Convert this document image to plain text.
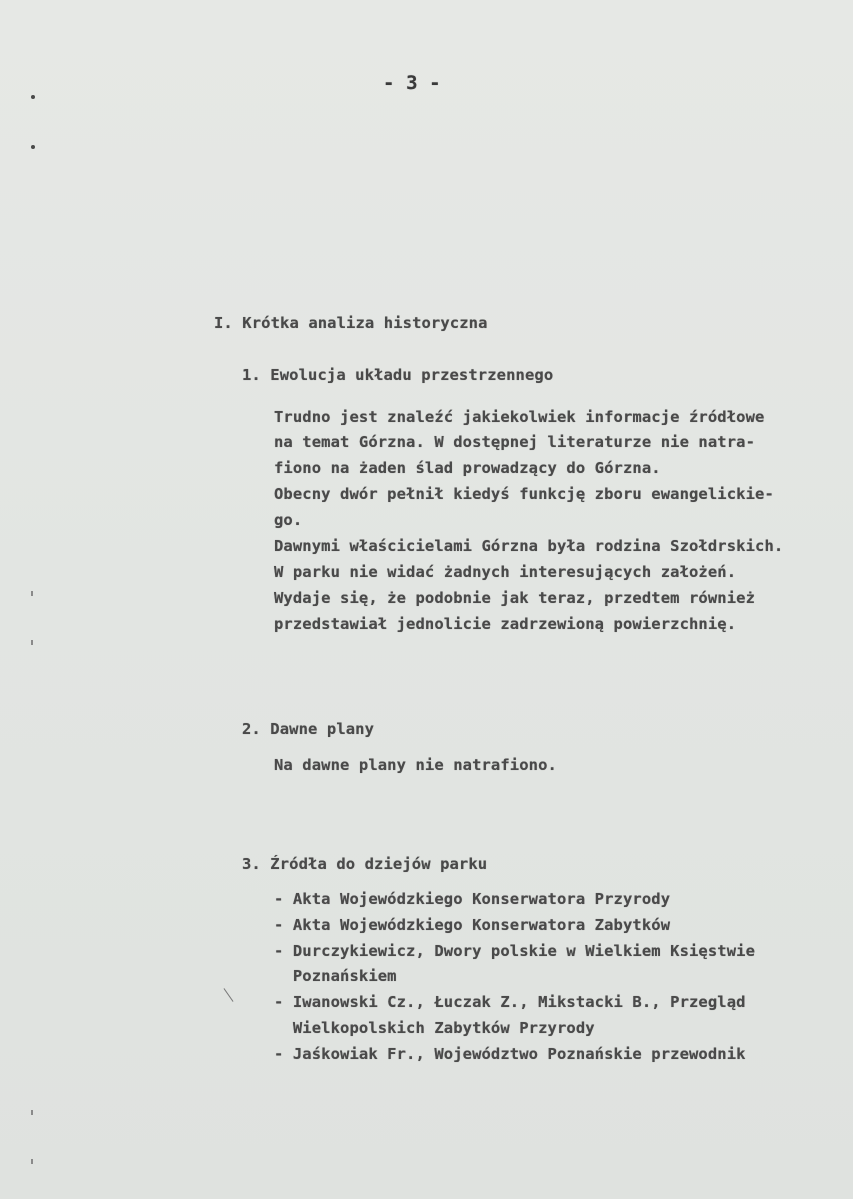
- 3 -
I. Krótka analiza historyczna
1. Ewolucja układu przestrzennego
Trudno jest znaleźć jakiekolwiek informacje źródłowe
na temat Górzna. W dostępnej literaturze nie natra-
fiono na żaden ślad prowadzący do Górzna.
Obecny dwór pełnił kiedyś funkcję zboru ewangelickie-
go.
Dawnymi właścicielami Górzna była rodzina Szołdrskich.
W parku nie widać żadnych interesujących założeń.
Wydaje się, że podobnie jak teraz, przedtem również
przedstawiał jednolicie zadrzewioną powierzchnię.
2. Dawne plany
Na dawne plany nie natrafiono.
3. Źródła do dziejów parku
- Akta Wojewódzkiego Konserwatora Przyrody
- Akta Wojewódzkiego Konserwatora Zabytków
- Durczykiewicz, Dwory polskie w Wielkiem Księstwie
Poznańskiem
- Iwanowski Cz., Łuczak Z., Mikstacki B., Przegląd
Wielkopolskich Zabytków Przyrody
- Jaśkowiak Fr., Województwo Poznańskie przewodnik
